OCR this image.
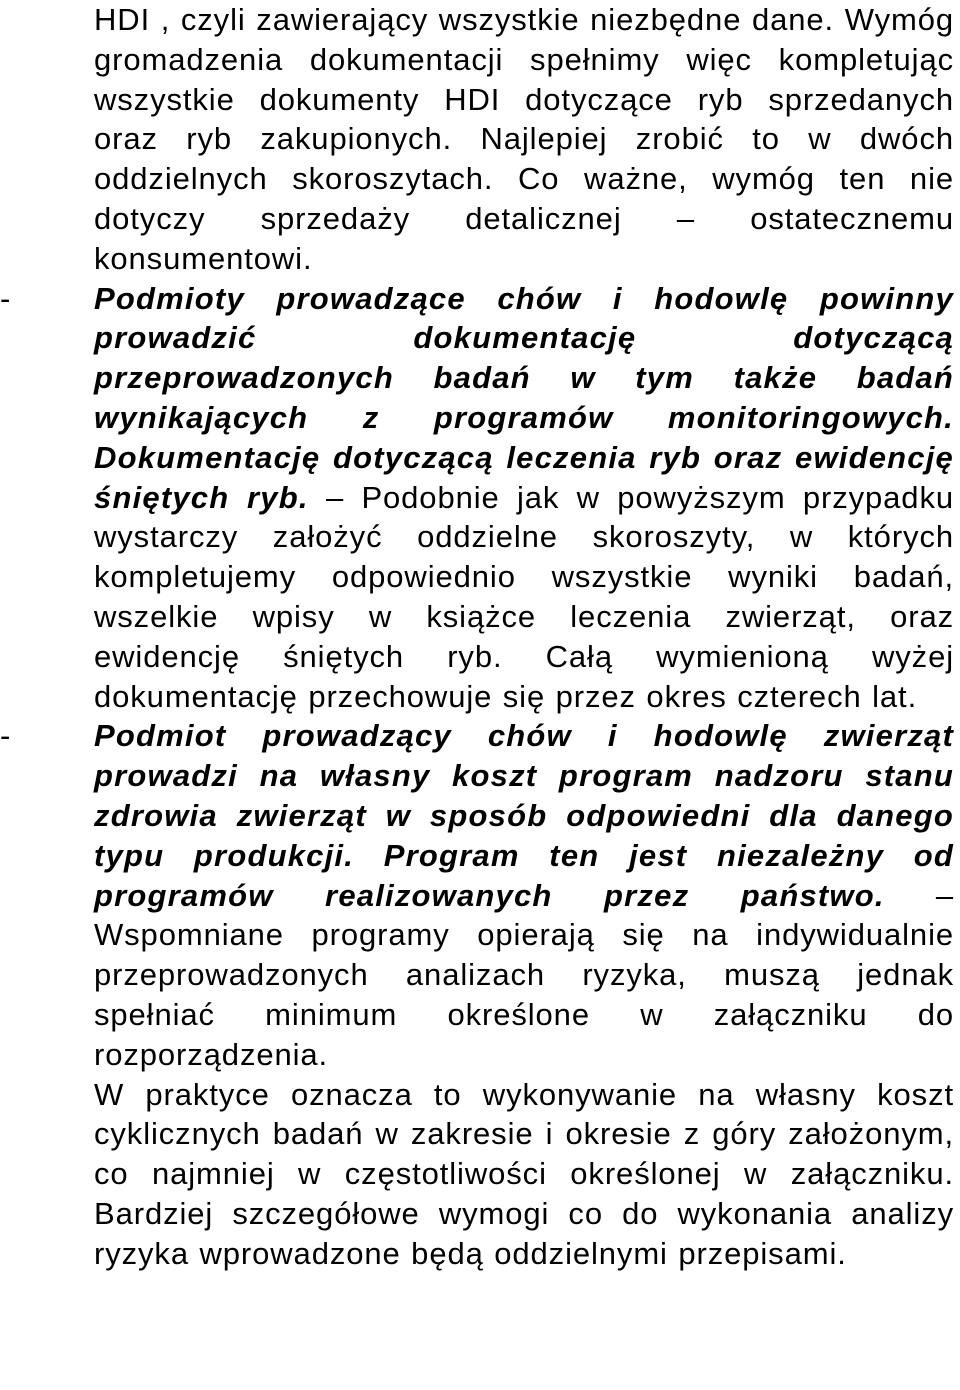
HDI , czyli zawierający wszystkie niezbędne dane. Wymóg gromadzenia dokumentacji spełnimy więc kompletując wszystkie dokumenty HDI dotyczące ryb sprzedanych oraz ryb zakupionych. Najlepiej zrobić to w dwóch oddzielnych skoroszytach. Co ważne, wymóg ten nie dotyczy sprzedaży detalicznej – ostatecznemu konsumentowi.
-	Podmioty prowadzące chów i hodowlę powinny prowadzić dokumentację dotyczącą przeprowadzonych badań w tym także badań wynikających z programów monitoringowych. Dokumentację dotyczącą leczenia ryb oraz ewidencję śniętych ryb. – Podobnie jak w powyższym przypadku wystarczy założyć oddzielne skoroszyty, w których kompletujemy odpowiednio wszystkie wyniki badań, wszelkie wpisy w książce leczenia zwierząt, oraz ewidencję śniętych ryb. Całą wymienioną wyżej dokumentację przechowuje się przez okres czterech lat.
-	Podmiot prowadzący chów i hodowlę zwierząt prowadzi na własny koszt program nadzoru stanu zdrowia zwierząt w sposób odpowiedni dla danego typu produkcji. Program ten jest niezależny od programów realizowanych przez państwo. – Wspomniane programy opierają się na indywidualnie przeprowadzonych analizach ryzyka, muszą jednak spełniać minimum określone w załączniku do rozporządzenia.
W praktyce oznacza to wykonywanie na własny koszt cyklicznych badań w zakresie i okresie z góry założonym, co najmniej w częstotliwości określonej w załączniku. Bardziej szczegółowe wymogi co do wykonania analizy ryzyka wprowadzone będą oddzielnymi przepisami.
